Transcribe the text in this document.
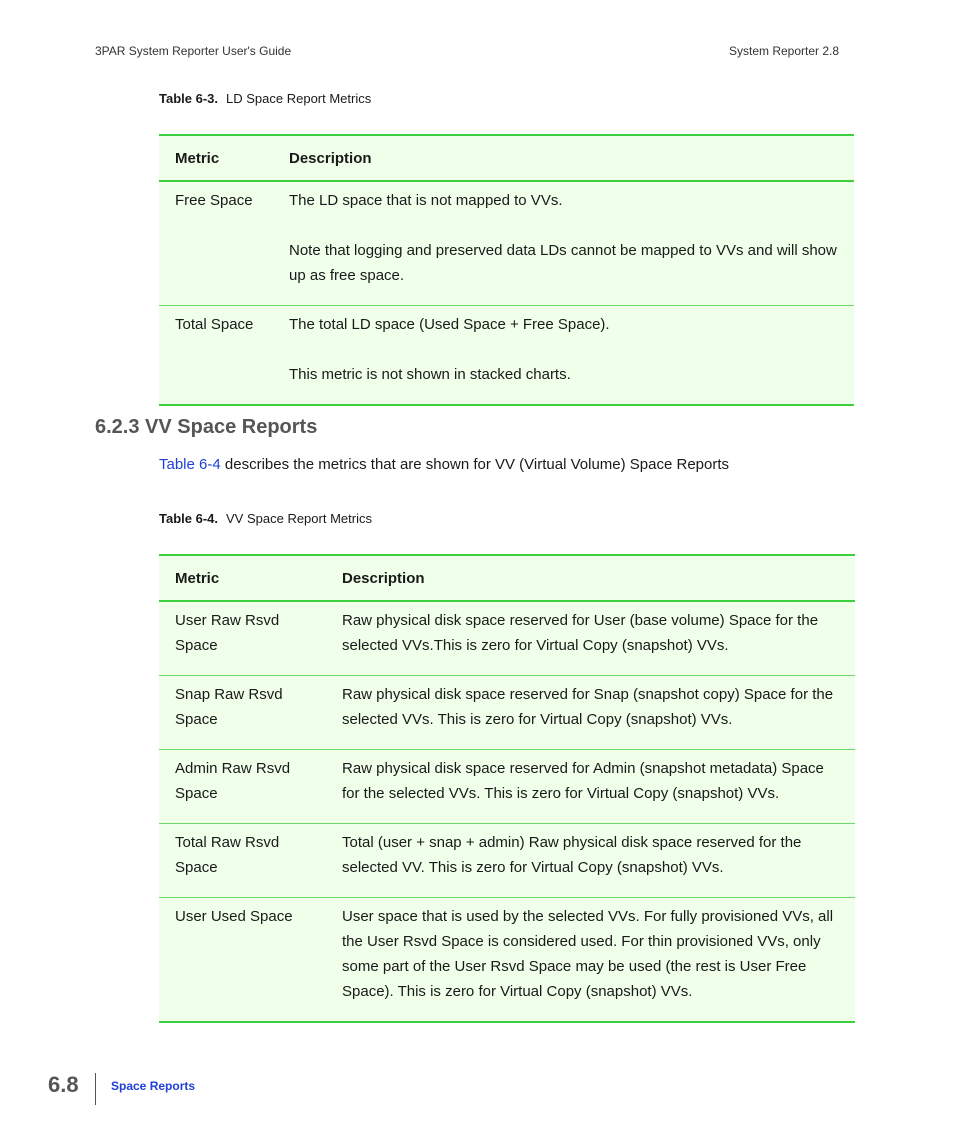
3PAR System Reporter User's Guide	System Reporter 2.8
Table 6-3. LD Space Report Metrics
Metric	Description
Free Space	The LD space that is not mapped to VVs.
Note that logging and preserved data LDs cannot be mapped to VVs and will show up as free space.

Total Space	The total LD space (Used Space + Free Space).
This metric is not shown in stacked charts.
6.2.3 VV Space Reports
Table 6-4 describes the metrics that are shown for VV (Virtual Volume) Space Reports
Table 6-4. VV Space Report Metrics
Metric	Description
User Raw Rsvd Space	Raw physical disk space reserved for User (base volume) Space for the selected VVs.This is zero for Virtual Copy (snapshot) VVs.
Snap Raw Rsvd Space	Raw physical disk space reserved for Snap (snapshot copy) Space for the selected VVs. This is zero for Virtual Copy (snapshot) VVs.
Admin Raw Rsvd Space	Raw physical disk space reserved for Admin (snapshot metadata) Space for the selected VVs. This is zero for Virtual Copy (snapshot) VVs.
Total Raw Rsvd Space	Total (user + snap + admin) Raw physical disk space reserved for the selected VV. This is zero for Virtual Copy (snapshot) VVs.
User Used Space	User space that is used by the selected VVs. For fully provisioned VVs, all the User Rsvd Space is considered used. For thin provisioned VVs, only some part of the User Rsvd Space may be used (the rest is User Free Space). This is zero for Virtual Copy (snapshot) VVs.
6.8	Space Reports
